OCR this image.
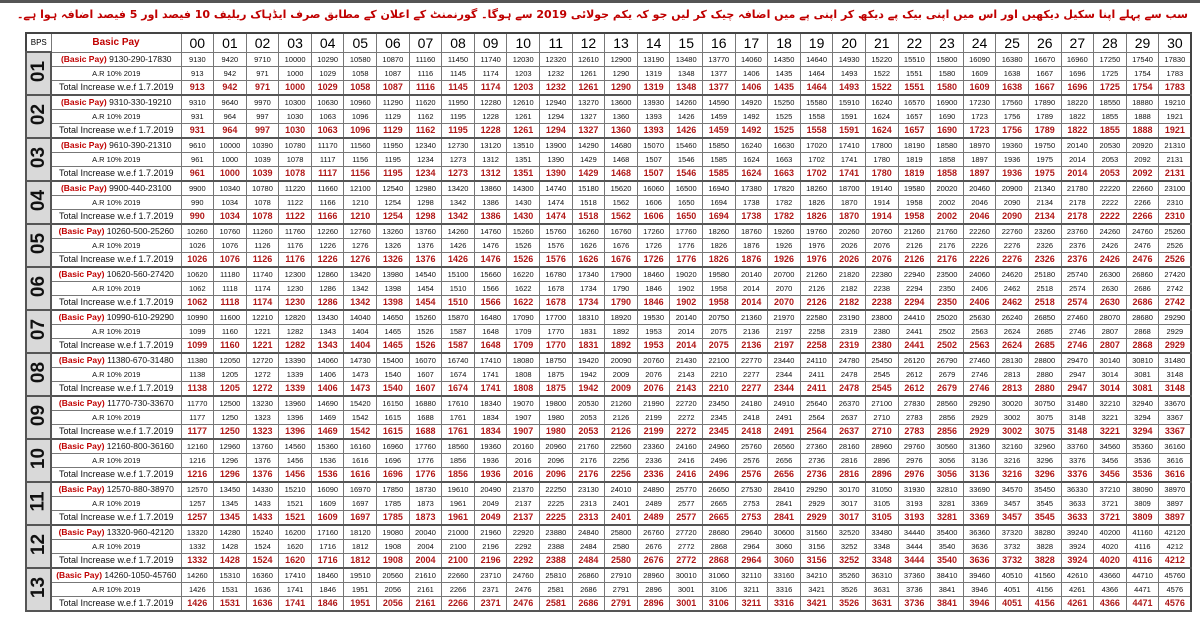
سب سے پہلے اپنا سکیل دیکھیں اور اس میں اپنی بیک پے دیکھ کر اپنی پے میں اضافہ چیک کر لیں جو کہ یکم جولائی 2019 سے ہوگا۔ گورنمنٹ کے اعلان کے مطابق صرف ایڈہاک ریلیف 10 فیصد اور 5 فیصد اضافہ ہوا ہے۔
BPS	Basic Pay	00	01	02	03	04	05	06	07	08	09	10	11	12	13	14	15	16	17	18	19	20	21	22	23	24	25	26	27	28	29	30
01	(Basic Pay) 9130-290-17830	9130	9420	9710	10000	10290	10580	10870	11160	11450	11740	12030	12320	12610	12900	13190	13480	13770	14060	14350	14640	14930	15220	15510	15800	16090	16380	16670	16960	17250	17540	17830
	A.R 10% 2019	913	942	971	1000	1029	1058	1087	1116	1145	1174	1203	1232	1261	1290	1319	1348	1377	1406	1435	1464	1493	1522	1551	1580	1609	1638	1667	1696	1725	1754	1783
	Total Increase w.e.f 1.7.2019	913	942	971	1000	1029	1058	1087	1116	1145	1174	1203	1232	1261	1290	1319	1348	1377	1406	1435	1464	1493	1522	1551	1580	1609	1638	1667	1696	1725	1754	1783
02	(Basic Pay) 9310-330-19210	9310	9640	9970	10300	10630	10960	11290	11620	11950	12280	12610	12940	13270	13600	13930	14260	14590	14920	15250	15580	15910	16240	16570	16900	17230	17560	17890	18220	18550	18880	19210
	A.R 10% 2019	931	964	997	1030	1063	1096	1129	1162	1195	1228	1261	1294	1327	1360	1393	1426	1459	1492	1525	1558	1591	1624	1657	1690	1723	1756	1789	1822	1855	1888	1921
	Total Increase w.e.f 1.7.2019	931	964	997	1030	1063	1096	1129	1162	1195	1228	1261	1294	1327	1360	1393	1426	1459	1492	1525	1558	1591	1624	1657	1690	1723	1756	1789	1822	1855	1888	1921
03	(Basic Pay) 9610-390-21310	9610	10000	10390	10780	11170	11560	11950	12340	12730	13120	13510	13900	14290	14680	15070	15460	15850	16240	16630	17020	17410	17800	18190	18580	18970	19360	19750	20140	20530	20920	21310
	A.R 10% 2019	961	1000	1039	1078	1117	1156	1195	1234	1273	1312	1351	1390	1429	1468	1507	1546	1585	1624	1663	1702	1741	1780	1819	1858	1897	1936	1975	2014	2053	2092	2131
	Total Increase w.e.f 1.7.2019	961	1000	1039	1078	1117	1156	1195	1234	1273	1312	1351	1390	1429	1468	1507	1546	1585	1624	1663	1702	1741	1780	1819	1858	1897	1936	1975	2014	2053	2092	2131
04	(Basic Pay) 9900-440-23100	9900	10340	10780	11220	11660	12100	12540	12980	13420	13860	14300	14740	15180	15620	16060	16500	16940	17380	17820	18260	18700	19140	19580	20020	20460	20900	21340	21780	22220	22660	23100
	A.R 10% 2019	990	1034	1078	1122	1166	1210	1254	1298	1342	1386	1430	1474	1518	1562	1606	1650	1694	1738	1782	1826	1870	1914	1958	2002	2046	2090	2134	2178	2222	2266	2310
	Total Increase w.e.f 1.7.2019	990	1034	1078	1122	1166	1210	1254	1298	1342	1386	1430	1474	1518	1562	1606	1650	1694	1738	1782	1826	1870	1914	1958	2002	2046	2090	2134	2178	2222	2266	2310
05	(Basic Pay) 10260-500-25260	10260	10760	11260	11760	12260	12760	13260	13760	14260	14760	15260	15760	16260	16760	17260	17760	18260	18760	19260	19760	20260	20760	21260	21760	22260	22760	23260	23760	24260	24760	25260
	A.R 10% 2019	1026	1076	1126	1176	1226	1276	1326	1376	1426	1476	1526	1576	1626	1676	1726	1776	1826	1876	1926	1976	2026	2076	2126	2176	2226	2276	2326	2376	2426	2476	2526
	Total Increase w.e.f 1.7.2019	1026	1076	1126	1176	1226	1276	1326	1376	1426	1476	1526	1576	1626	1676	1726	1776	1826	1876	1926	1976	2026	2076	2126	2176	2226	2276	2326	2376	2426	2476	2526
06	(Basic Pay) 10620-560-27420	10620	11180	11740	12300	12860	13420	13980	14540	15100	15660	16220	16780	17340	17900	18460	19020	19580	20140	20700	21260	21820	22380	22940	23500	24060	24620	25180	25740	26300	26860	27420
	A.R 10% 2019	1062	1118	1174	1230	1286	1342	1398	1454	1510	1566	1622	1678	1734	1790	1846	1902	1958	2014	2070	2126	2182	2238	2294	2350	2406	2462	2518	2574	2630	2686	2742
	Total Increase w.e.f 1.7.2019	1062	1118	1174	1230	1286	1342	1398	1454	1510	1566	1622	1678	1734	1790	1846	1902	1958	2014	2070	2126	2182	2238	2294	2350	2406	2462	2518	2574	2630	2686	2742
07	(Basic Pay) 10990-610-29290	10990	11600	12210	12820	13430	14040	14650	15260	15870	16480	17090	17700	18310	18920	19530	20140	20750	21360	21970	22580	23190	23800	24410	25020	25630	26240	26850	27460	28070	28680	29290
	A.R 10% 2019	1099	1160	1221	1282	1343	1404	1465	1526	1587	1648	1709	1770	1831	1892	1953	2014	2075	2136	2197	2258	2319	2380	2441	2502	2563	2624	2685	2746	2807	2868	2929
	Total Increase w.e.f 1.7.2019	1099	1160	1221	1282	1343	1404	1465	1526	1587	1648	1709	1770	1831	1892	1953	2014	2075	2136	2197	2258	2319	2380	2441	2502	2563	2624	2685	2746	2807	2868	2929
08	(Basic Pay) 11380-670-31480	11380	12050	12720	13390	14060	14730	15400	16070	16740	17410	18080	18750	19420	20090	20760	21430	22100	22770	23440	24110	24780	25450	26120	26790	27460	28130	28800	29470	30140	30810	31480
	A.R 10% 2019	1138	1205	1272	1339	1406	1473	1540	1607	1674	1741	1808	1875	1942	2009	2076	2143	2210	2277	2344	2411	2478	2545	2612	2679	2746	2813	2880	2947	3014	3081	3148
	Total Increase w.e.f 1.7.2019	1138	1205	1272	1339	1406	1473	1540	1607	1674	1741	1808	1875	1942	2009	2076	2143	2210	2277	2344	2411	2478	2545	2612	2679	2746	2813	2880	2947	3014	3081	3148
09	(Basic Pay) 11770-730-33670	11770	12500	13230	13960	14690	15420	16150	16880	17610	18340	19070	19800	20530	21260	21990	22720	23450	24180	24910	25640	26370	27100	27830	28560	29290	30020	30750	31480	32210	32940	33670
	A.R 10% 2019	1177	1250	1323	1396	1469	1542	1615	1688	1761	1834	1907	1980	2053	2126	2199	2272	2345	2418	2491	2564	2637	2710	2783	2856	2929	3002	3075	3148	3221	3294	3367
	Total Increase w.e.f 1.7.2019	1177	1250	1323	1396	1469	1542	1615	1688	1761	1834	1907	1980	2053	2126	2199	2272	2345	2418	2491	2564	2637	2710	2783	2856	2929	3002	3075	3148	3221	3294	3367
10	(Basic Pay) 12160-800-36160	12160	12960	13760	14560	15360	16160	16960	17760	18560	19360	20160	20960	21760	22560	23360	24160	24960	25760	26560	27360	28160	28960	29760	30560	31360	32160	32960	33760	34560	35360	36160
	A.R 10% 2019	1216	1296	1376	1456	1536	1616	1696	1776	1856	1936	2016	2096	2176	2256	2336	2416	2496	2576	2656	2736	2816	2896	2976	3056	3136	3216	3296	3376	3456	3536	3616
	Total Increase w.e.f 1.7.2019	1216	1296	1376	1456	1536	1616	1696	1776	1856	1936	2016	2096	2176	2256	2336	2416	2496	2576	2656	2736	2816	2896	2976	3056	3136	3216	3296	3376	3456	3536	3616
11	(Basic Pay) 12570-880-38970	12570	13450	14330	15210	16090	16970	17850	18730	19610	20490	21370	22250	23130	24010	24890	25770	26650	27530	28410	29290	30170	31050	31930	32810	33690	34570	35450	36330	37210	38090	38970
	A.R 10% 2019	1257	1345	1433	1521	1609	1697	1785	1873	1961	2049	2137	2225	2313	2401	2489	2577	2665	2753	2841	2929	3017	3105	3193	3281	3369	3457	3545	3633	3721	3809	3897
	Total Increase w.e.f 1.7.2019	1257	1345	1433	1521	1609	1697	1785	1873	1961	2049	2137	2225	2313	2401	2489	2577	2665	2753	2841	2929	3017	3105	3193	3281	3369	3457	3545	3633	3721	3809	3897
12	(Basic Pay) 13320-960-42120	13320	14280	15240	16200	17160	18120	19080	20040	21000	21960	22920	23880	24840	25800	26760	27720	28680	29640	30600	31560	32520	33480	34440	35400	36360	37320	38280	39240	40200	41160	42120
	A.R 10% 2019	1332	1428	1524	1620	1716	1812	1908	2004	2100	2196	2292	2388	2484	2580	2676	2772	2868	2964	3060	3156	3252	3348	3444	3540	3636	3732	3828	3924	4020	4116	4212
	Total Increase w.e.f 1.7.2019	1332	1428	1524	1620	1716	1812	1908	2004	2100	2196	2292	2388	2484	2580	2676	2772	2868	2964	3060	3156	3252	3348	3444	3540	3636	3732	3828	3924	4020	4116	4212
13	(Basic Pay) 14260-1050-45760	14260	15310	16360	17410	18460	19510	20560	21610	22660	23710	24760	25810	26860	27910	28960	30010	31060	32110	33160	34210	35260	36310	37360	38410	39460	40510	41560	42610	43660	44710	45760
	A.R 10% 2019	1426	1531	1636	1741	1846	1951	2056	2161	2266	2371	2476	2581	2686	2791	2896	3001	3106	3211	3316	3421	3526	3631	3736	3841	3946	4051	4156	4261	4366	4471	4576
	Total Increase w.e.f 1.7.2019	1426	1531	1636	1741	1846	1951	2056	2161	2266	2371	2476	2581	2686	2791	2896	3001	3106	3211	3316	3421	3526	3631	3736	3841	3946	4051	4156	4261	4366	4471	4576
